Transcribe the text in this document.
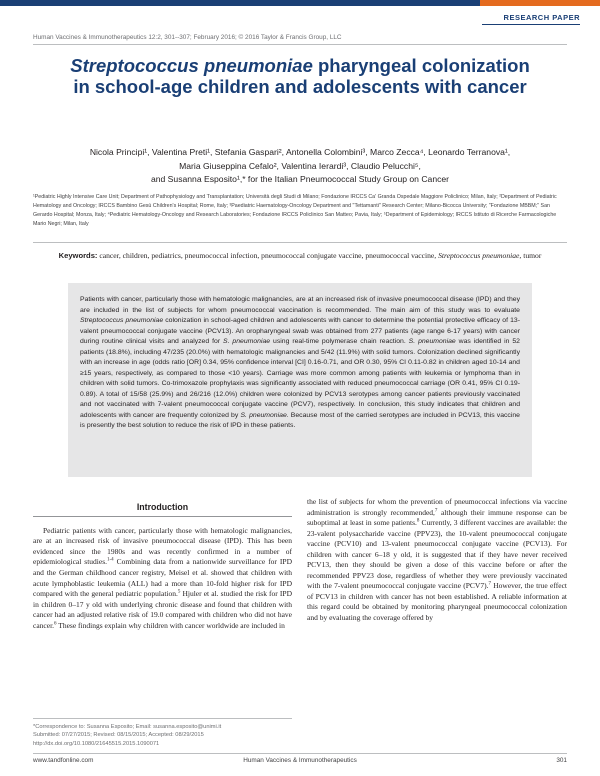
RESEARCH PAPER
Human Vaccines & Immunotherapeutics 12:2, 301--307; February 2016; © 2016 Taylor & Francis Group, LLC
Streptococcus pneumoniae pharyngeal colonization in school-age children and adolescents with cancer
Nicola Principi¹, Valentina Preti¹, Stefania Gaspari², Antonella Colombini³, Marco Zecca⁴, Leonardo Terranova¹,
Maria Giuseppina Cefalo², Valentina Ierardi³, Claudio Pelucchi⁵,
and Susanna Esposito¹,* for the Italian Pneumococcal Study Group on Cancer
¹Pediatric Highly Intensive Care Unit; Department of Pathophysiology and Transplantation; Università degli Studi di Milano; Fondazione IRCCS Ca' Granda Ospedale Maggiore Policlinico; Milan, Italy; ²Department of Pediatric Hematology and Oncology; IRCCS Bambino Gesù Children's Hospital; Rome, Italy; ³Paediatric Haematology-Oncology Department and "Tettamanti" Research Center; Milano-Bicocca University; "Fondazione MBBM;" San Gerardo Hospital; Monza, Italy; ⁴Pediatric Hematology-Oncology and Research Laboratories; Fondazione IRCCS Policlinico San Matteo; Pavia, Italy; ⁵Department of Epidemiology; IRCCS Istituto di Ricerche Farmacologiche Mario Negri; Milan, Italy
Keywords: cancer, children, pediatrics, pneumococcal infection, pneumococcal conjugate vaccine, pneumococcal vaccine, Streptococcus pneumoniae, tumor
Patients with cancer, particularly those with hematologic malignancies, are at an increased risk of invasive pneumococcal disease (IPD) and they are included in the list of subjects for whom pneumococcal vaccination is recommended. The main aim of this study was to evaluate Streptococcus pneumoniae colonization in school-aged children and adolescents with cancer to determine the potential protective efficacy of 13-valent pneumococcal conjugate vaccine (PCV13). An oropharyngeal swab was obtained from 277 patients (age range 6-17 years) with cancer during routine clinical visits and analyzed for S. pneumoniae using real-time polymerase chain reaction. S. pneumoniae was identified in 52 patients (18.8%), including 47/235 (20.0%) with hematologic malignancies and 5/42 (11.9%) with solid tumors. Colonization declined significantly with an increase in age (odds ratio [OR] 0.34, 95% confidence interval [CI] 0.16-0.71, and OR 0.30, 95% CI 0.11-0.82 in children aged 10-14 and ≥15 years, respectively, as compared to those <10 years). Carriage was more common among patients with leukemia or lymphoma than in children with solid tumors. Co-trimoxazole prophylaxis was significantly associated with reduced pneumococcal carriage (OR 0.41, 95% CI 0.19-0.89). A total of 15/58 (25.9%) and 26/216 (12.0%) children were colonized by PCV13 serotypes among cancer patients previously vaccinated and not vaccinated with 7-valent pneumococcal conjugate vaccine (PCV7), respectively. In conclusion, this study indicates that children and adolescents with cancer are frequently colonized by S. pneumoniae. Because most of the carried serotypes are included in PCV13, this vaccine is presently the best solution to reduce the risk of IPD in these patients.
Introduction
Pediatric patients with cancer, particularly those with hematologic malignancies, are at an increased risk of invasive pneumococcal disease (IPD). This has been evidenced since the 1980s and was recently confirmed in a number of epidemiological studies.$^{1-4}$ Combining data from a nationwide surveillance for IPD and the German childhood cancer registry, Meisel et al. showed that children with acute lymphoblastic leukemia (ALL) had a more than 10-fold higher risk for IPD compared with the general pediatric population.$^5$ Hjuler et al. studied the risk for IPD in children 0–17 y old with underlying chronic disease and found that children with cancer had an adjusted relative risk of 19.0 compared with children who did not have cancer.$^6$ These findings explain why children with cancer worldwide are included in
the list of subjects for whom the prevention of pneumococcal infections via vaccine administration is strongly recommended,$^7$ although their immune response can be suboptimal at least in some patients.$^8$ Currently, 3 different vaccines are available: the 23-valent polysaccharide vaccine (PPV23), the 10-valent pneumococcal conjugate vaccine (PCV10) and 13-valent pneumococcal conjugate vaccine (PCV13). For children with cancer 6–18 y old, it is suggested that if they have never received PCV13, then they should be given a dose of this vaccine before or after the recommended PPV23 dose, regardless of whether they were previously vaccinated with the 7-valent pneumococcal conjugate vaccine (PCV7).$^7$ However, the true effect of PCV13 in children with cancer has not been established. A reliable information at this regard could be obtained by monitoring pharyngeal pneumococcal colonization and by evaluating the coverage offered by
*Correspondence to: Susanna Esposito; Email: susanna.esposito@unimi.it
Submitted: 07/27/2015; Revised: 08/15/2015; Accepted: 08/29/2015
http://dx.doi.org/10.1080/21645515.2015.1090071
www.tandfonline.com	Human Vaccines & Immunotherapeutics	301
